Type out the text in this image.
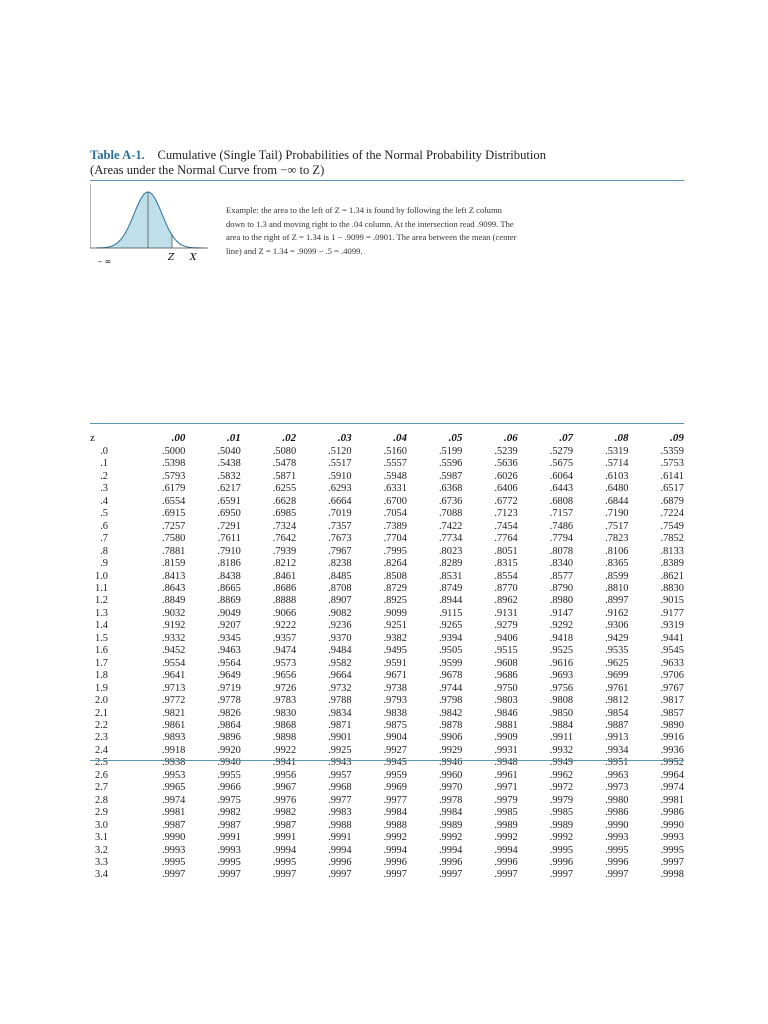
Table A-1. Cumulative (Single Tail) Probabilities of the Normal Probability Distribution
(Areas under the Normal Curve from −∞ to Z)
– ∞	Z X
Example: the area to the left of Z = 1.34 is found by following the left Z column
down to 1.3 and moving right to the .04 column. At the intersection read .9099. The
area to the right of Z = 1.34 is 1 − .9099 = .0901. The area between the mean (center
line) and Z = 1.34 = .9099 − .5 = .4099.
z	.00	.01	.02	.03	.04	.05	.06	.07	.08	.09
.0	.5000	.5040	.5080	.5120	.5160	.5199	.5239	.5279	.5319	.5359
.1	.5398	.5438	.5478	.5517	.5557	.5596	.5636	.5675	.5714	.5753
.2	.5793	.5832	.5871	.5910	.5948	.5987	.6026	.6064	.6103	.6141
.3	.6179	.6217	.6255	.6293	.6331	.6368	.6406	.6443	.6480	.6517
.4	.6554	.6591	.6628	.6664	.6700	.6736	.6772	.6808	.6844	.6879
.5	.6915	.6950	.6985	.7019	.7054	.7088	.7123	.7157	.7190	.7224
.6	.7257	.7291	.7324	.7357	.7389	.7422	.7454	.7486	.7517	.7549
.7	.7580	.7611	.7642	.7673	.7704	.7734	.7764	.7794	.7823	.7852
.8	.7881	.7910	.7939	.7967	.7995	.8023	.8051	.8078	.8106	.8133
.9	.8159	.8186	.8212	.8238	.8264	.8289	.8315	.8340	.8365	.8389
1.0	.8413	.8438	.8461	.8485	.8508	.8531	.8554	.8577	.8599	.8621
1.1	.8643	.8665	.8686	.8708	.8729	.8749	.8770	.8790	.8810	.8830
1.2	.8849	.8869	.8888	.8907	.8925	.8944	.8962	.8980	.8997	.9015
1.3	.9032	.9049	.9066	.9082	.9099	.9115	.9131	.9147	.9162	.9177
1.4	.9192	.9207	.9222	.9236	.9251	.9265	.9279	.9292	.9306	.9319
1.5	.9332	.9345	.9357	.9370	.9382	.9394	.9406	.9418	.9429	.9441
1.6	.9452	.9463	.9474	.9484	.9495	.9505	.9515	.9525	.9535	.9545
1.7	.9554	.9564	.9573	.9582	.9591	.9599	.9608	.9616	.9625	.9633
1.8	.9641	.9649	.9656	.9664	.9671	.9678	.9686	.9693	.9699	.9706
1.9	.9713	.9719	.9726	.9732	.9738	.9744	.9750	.9756	.9761	.9767
2.0	.9772	.9778	.9783	.9788	.9793	.9798	.9803	.9808	.9812	.9817
2.1	.9821	.9826	.9830	.9834	.9838	.9842	.9846	.9850	.9854	.9857
2.2	.9861	.9864	.9868	.9871	.9875	.9878	.9881	.9884	.9887	.9890
2.3	.9893	.9896	.9898	.9901	.9904	.9906	.9909	.9911	.9913	.9916
2.4	.9918	.9920	.9922	.9925	.9927	.9929	.9931	.9932	.9934	.9936
2.5	.9938	.9940	.9941	.9943	.9945	.9946	.9948	.9949	.9951	.9952
2.6	.9953	.9955	.9956	.9957	.9959	.9960	.9961	.9962	.9963	.9964
2.7	.9965	.9966	.9967	.9968	.9969	.9970	.9971	.9972	.9973	.9974
2.8	.9974	.9975	.9976	.9977	.9977	.9978	.9979	.9979	.9980	.9981
2.9	.9981	.9982	.9982	.9983	.9984	.9984	.9985	.9985	.9986	.9986
3.0	.9987	.9987	.9987	.9988	.9988	.9989	.9989	.9989	.9990	.9990
3.1	.9990	.9991	.9991	.9991	.9992	.9992	.9992	.9992	.9993	.9993
3.2	.9993	.9993	.9994	.9994	.9994	.9994	.9994	.9995	.9995	.9995
3.3	.9995	.9995	.9995	.9996	.9996	.9996	.9996	.9996	.9996	.9997
3.4	.9997	.9997	.9997	.9997	.9997	.9997	.9997	.9997	.9997	.9998
